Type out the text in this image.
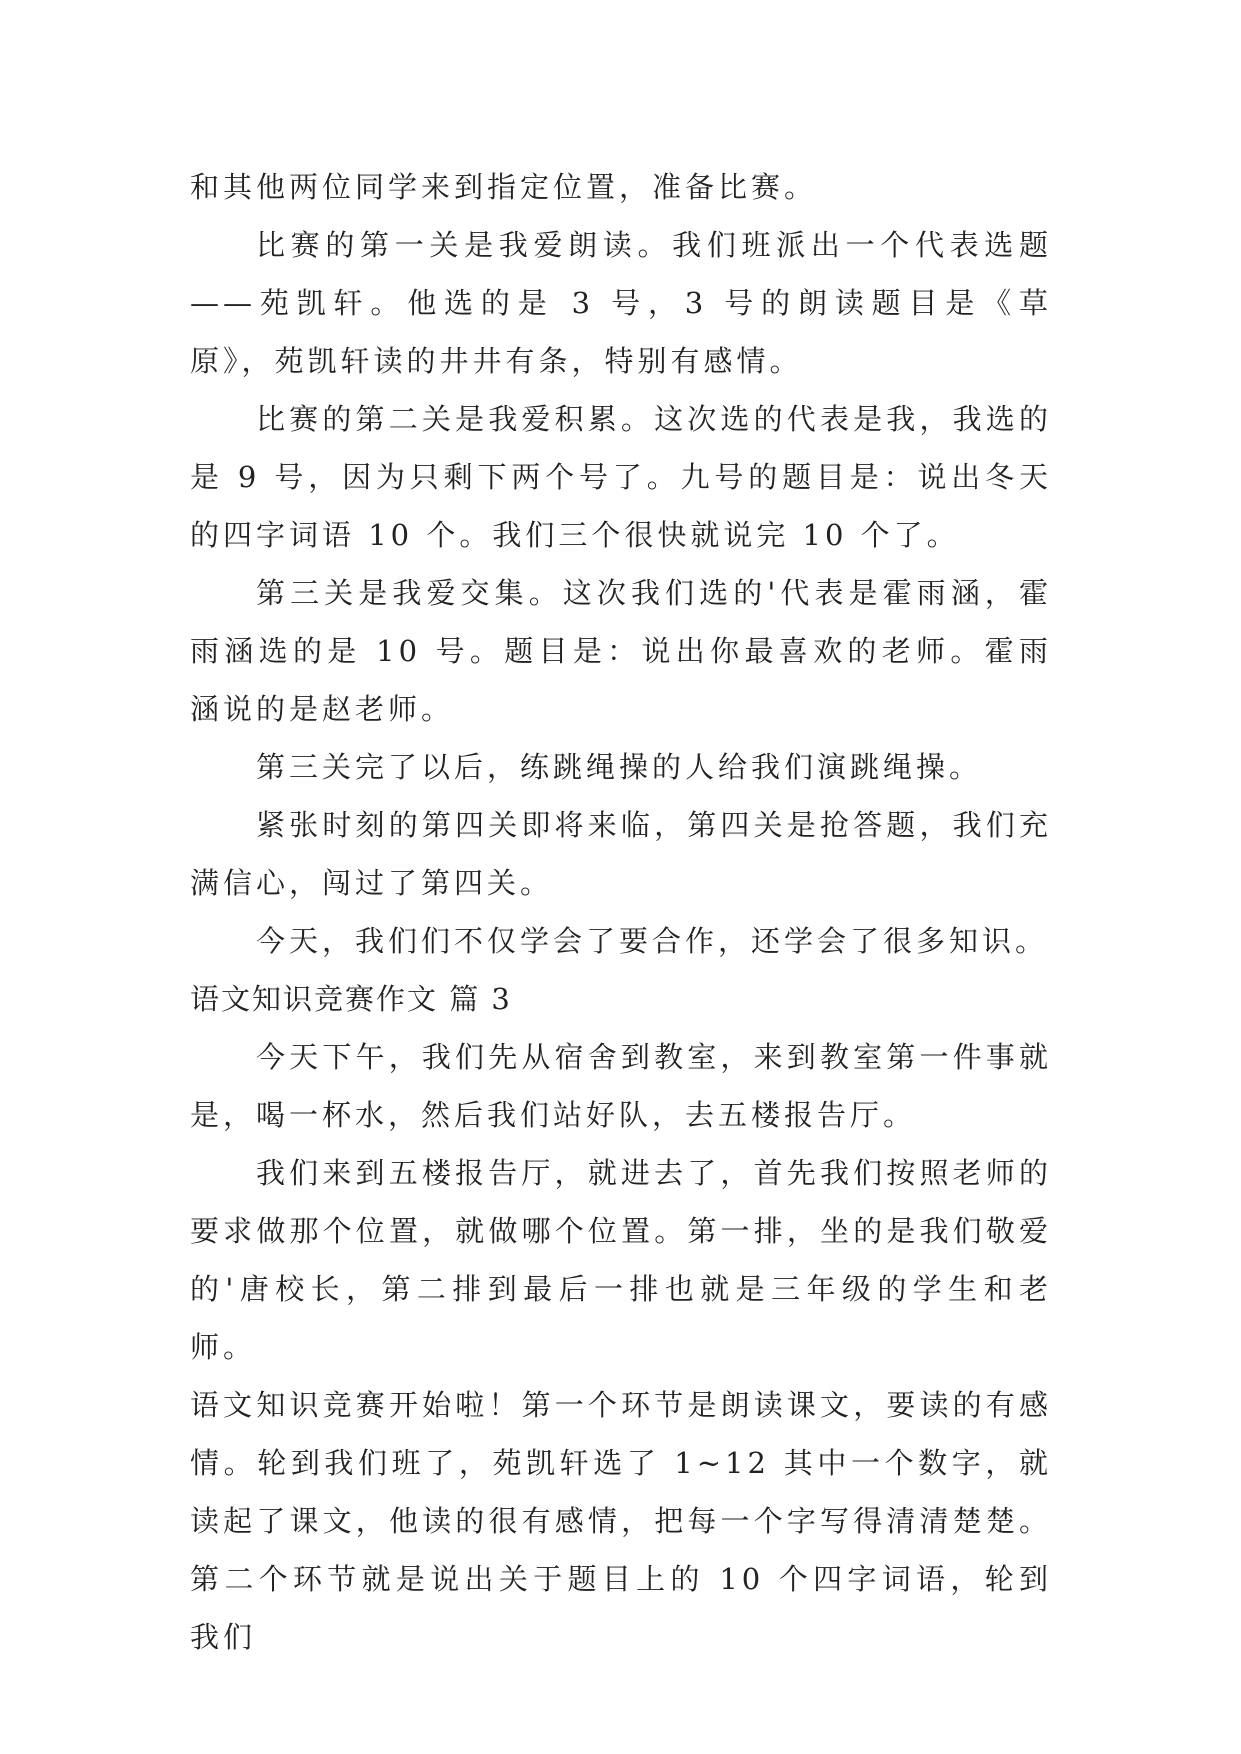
和其他两位同学来到指定位置，准备比赛。

比赛的第一关是我爱朗读。我们班派出一个代表选题——苑凯轩。他选的是 3 号，3 号的朗读题目是《草原》，苑凯轩读的井井有条，特别有感情。

比赛的第二关是我爱积累。这次选的代表是我，我选的是 9 号，因为只剩下两个号了。九号的题目是：说出冬天的四字词语 10 个。我们三个很快就说完 10 个了。

第三关是我爱交集。这次我们选的'代表是霍雨涵，霍雨涵选的是 10 号。题目是：说出你最喜欢的老师。霍雨涵说的是赵老师。

第三关完了以后，练跳绳操的人给我们演跳绳操。

紧张时刻的第四关即将来临，第四关是抢答题，我们充满信心，闯过了第四关。

今天，我们们不仅学会了要合作，还学会了很多知识。

语文知识竞赛作文 篇 3

今天下午，我们先从宿舍到教室，来到教室第一件事就是，喝一杯水，然后我们站好队，去五楼报告厅。

我们来到五楼报告厅，就进去了，首先我们按照老师的要求做那个位置，就做哪个位置。第一排，坐的是我们敬爱的'唐校长，第二排到最后一排也就是三年级的学生和老师。

语文知识竞赛开始啦！第一个环节是朗读课文，要读的有感情。轮到我们班了，苑凯轩选了 1~12 其中一个数字，就读起了课文，他读的很有感情，把每一个字写得清清楚楚。第二个环节就是说出关于题目上的 10 个四字词语，轮到我们
